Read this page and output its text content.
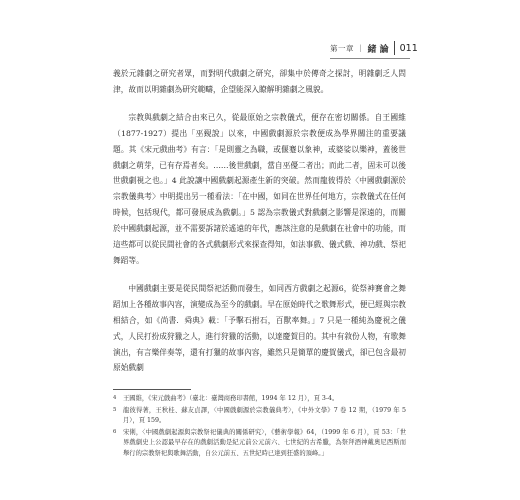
第一章 ｜ 緒 論 011

義於元雜劇之研究者眾，而對明代戲劇之研究，卻集中於傳奇之探討，明雜劇乏人問津，故而以明雜劇為研究範疇，企望能深入瞭解明雜劇之風貌。

宗教與戲劇之結合由來已久，從最原始之宗教儀式，便存在密切關係。自王國維（1877-1927）提出「巫覡說」以來，中國戲劇源於宗教便成為學界關注的重要議題。其《宋元戲曲考》有言：「是則靈之為職，或偃蹇以象神，或婆娑以樂神，蓋後世戲劇之萌芽，已有存焉者矣。……後世戲劇，當自巫優二者出；而此二者，固未可以後世戲劇視之也。」4 此說讓中國戲劇起源產生新的突破。然而龍彼得於〈中國戲劇源於宗教儀典考〉中明提出另一種看法：「在中國，如同在世界任何地方，宗教儀式在任何時候，包括現代，都可發展成為戲劇。」5 認為宗教儀式對戲劇之影響是深遠的，而關於中國戲劇起源，並不需要訴諸於遙遠的年代，應該注意的是戲劇在社會中的功能，而這些都可以從民間社會的各式戲劇形式來探查得知，如法事戲、儀式戲、神功戲、祭祀舞蹈等。

中國戲劇主要是從民間祭祀活動而發生，如同西方戲劇之起源6，從祭神賽會之舞蹈加上各種故事內容，演變成為至今的戲劇。早在原始時代之歌舞形式，便已經與宗教相結合，如《尚書．舜典》載：「予擊石拊石，百獸率舞。」7 只是一種純為慶祝之儀式，人民打扮成狩獵之人，進行狩獵的活動，以達慶賀目的。其中有敘份人物，有歌舞演出，有言樂伴奏等，還有打獵的故事內容，雖然只是簡單的慶賀儀式，卻已包含最初原始戲劇

4	王國維，《宋元戲曲考》（臺北：臺灣商務印書館，1994 年 12 月），頁 3-4。
5	龍彼得著，王秋桂、蘇友貞譯，〈中國戲劇源於宗教儀典考〉，《中外文學》7 卷 12 期，（1979 年 5 月），頁 159。
6	宋俐，〈中國戲劇起源與宗教祭祀儀典的關係研究〉，《藝術學報》64，（1999 年 6 月），頁 53：「世界戲劇史上公認最早存在的戲劇活動是紀元前公元前六、七世紀的古希臘，為祭拜酒神戴奧尼西斯而舉行的宗教祭祀與歌舞活動，自公元前五、五世紀時已達到狂盛的頂峰。」
